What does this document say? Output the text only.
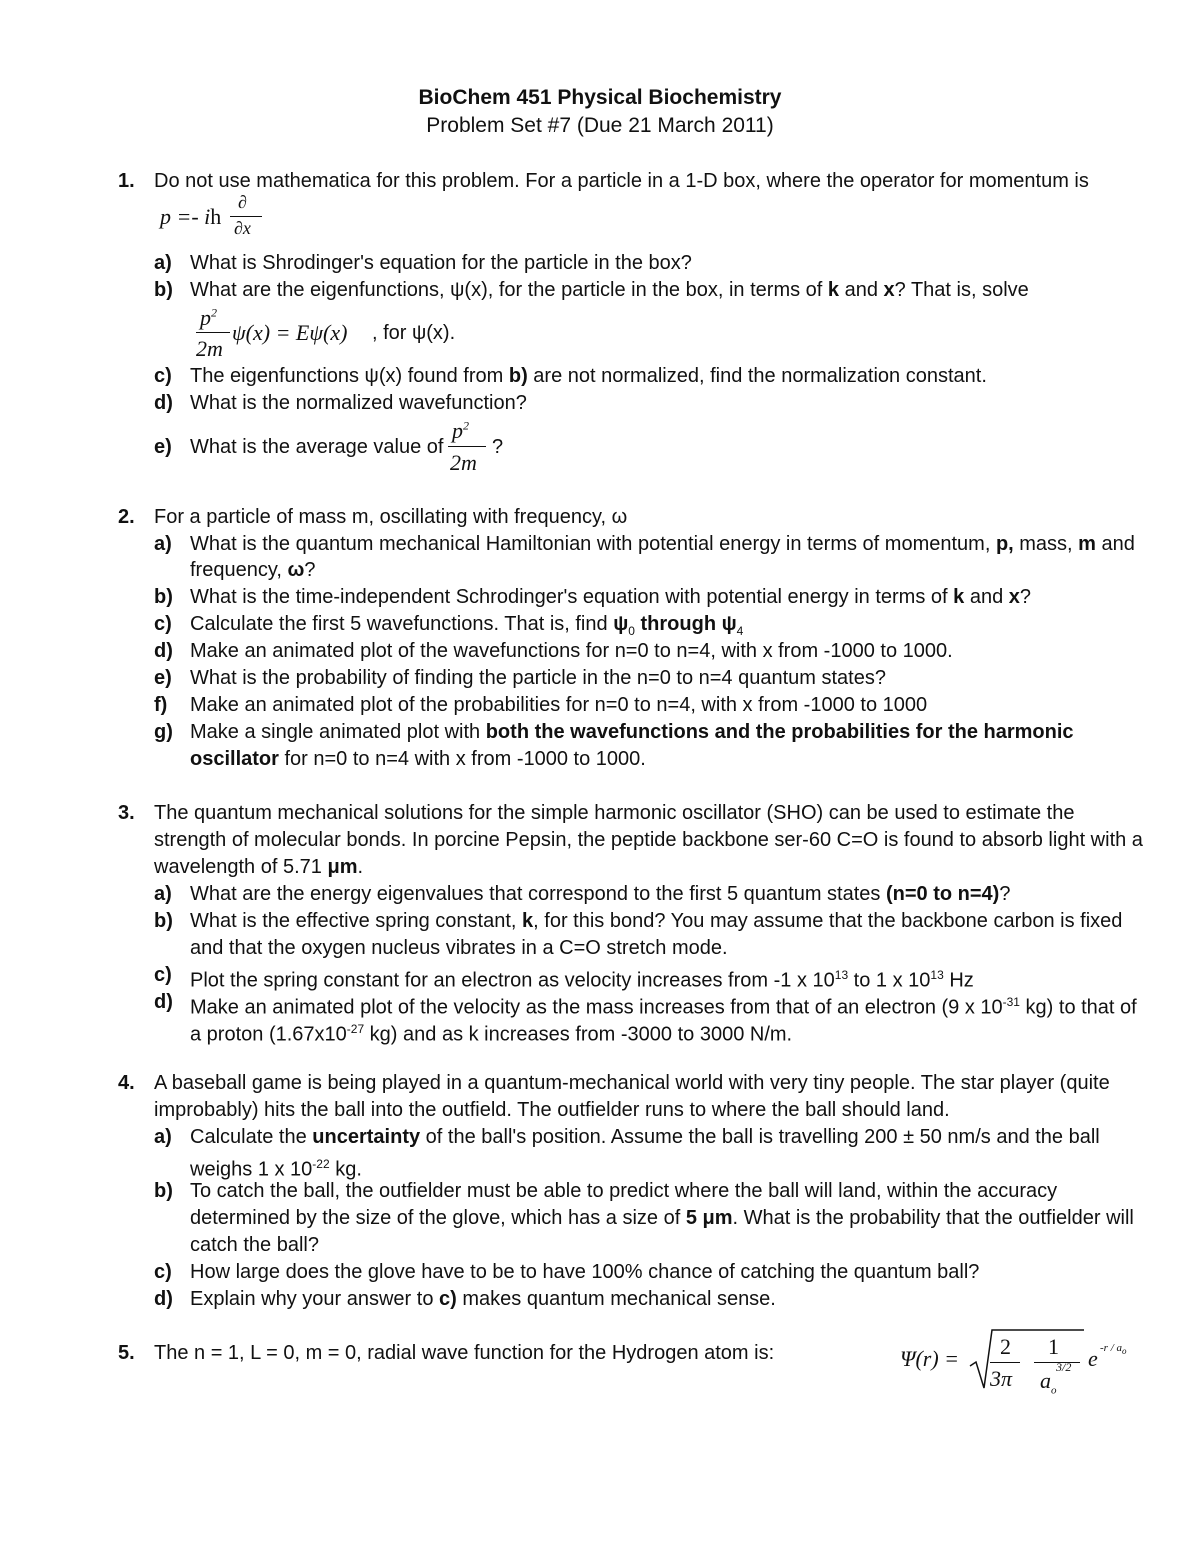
BioChem 451 Physical Biochemistry
Problem Set #7 (Due 21 March 2011)
1. Do not use mathematica for this problem. For a particle in a 1-D box, where the operator for momentum is
p =- ih
∂
∂x
a) What is Shrodinger's equation for the particle in the box?
b) What are the eigenfunctions, ψ(x), for the particle in the box, in terms of k and x? That is, solve
$p^2$
2m
ψ(x) = Eψ(x) , for ψ(x).
c) The eigenfunctions ψ(x) found from b) are not normalized, find the normalization constant.
d) What is the normalized wavefunction?
e) What is the average value of
$p^2$
2m
?
2. For a particle of mass m, oscillating with frequency, ω
a) What is the quantum mechanical Hamiltonian with potential energy in terms of momentum, p, mass, m and
frequency, ω?
b) What is the time-independent Schrodinger's equation with potential energy in terms of k and x?
c) Calculate the first 5 wavefunctions. That is, find $\psi_0$ through $\psi_4$
d) Make an animated plot of the wavefunctions for n=0 to n=4, with x from -1000 to 1000.
e) What is the probability of finding the particle in the n=0 to n=4 quantum states?
f) Make an animated plot of the probabilities for n=0 to n=4, with x from -1000 to 1000
g) Make a single animated plot with both the wavefunctions and the probabilities for the harmonic
oscillator for n=0 to n=4 with x from -1000 to 1000.
3. The quantum mechanical solutions for the simple harmonic oscillator (SHO) can be used to estimate the
strength of molecular bonds. In porcine Pepsin, the peptide backbone ser-60 C=O is found to absorb light with a
wavelength of 5.71 μm.
a) What are the energy eigenvalues that correspond to the first 5 quantum states (n=0 to n=4)?
b) What is the effective spring constant, k, for this bond? You may assume that the backbone carbon is fixed
and that the oxygen nucleus vibrates in a C=O stretch mode.
c) Plot the spring constant for an electron as velocity increases from -1 x $10^{13}$ to 1 x $10^{13}$ Hz
d) Make an animated plot of the velocity as the mass increases from that of an electron (9 x $10^{-31}$ kg) to that of
a proton ($1.67x10^{-27}$ kg) and as k increases from -3000 to 3000 N/m.
4. A baseball game is being played in a quantum-mechanical world with very tiny people. The star player (quite
improbably) hits the ball into the outfield. The outfielder runs to where the ball should land.
a) Calculate the uncertainty of the ball's position. Assume the ball is travelling 200 ± 50 nm/s and the ball
weighs 1 x $10^{-22}$ kg.
b) To catch the ball, the outfielder must be able to predict where the ball will land, within the accuracy
determined by the size of the glove, which has a size of 5 μm. What is the probability that the outfielder will
catch the ball?
c) How large does the glove have to be to have 100% chance of catching the quantum ball?
d) Explain why your answer to c) makes quantum mechanical sense.
5. The n = 1, L = 0, m = 0, radial wave function for the Hydrogen atom is:	Ψ(r) = 2
3π
1
$a_o$
3/2 e $-r / a_o$
